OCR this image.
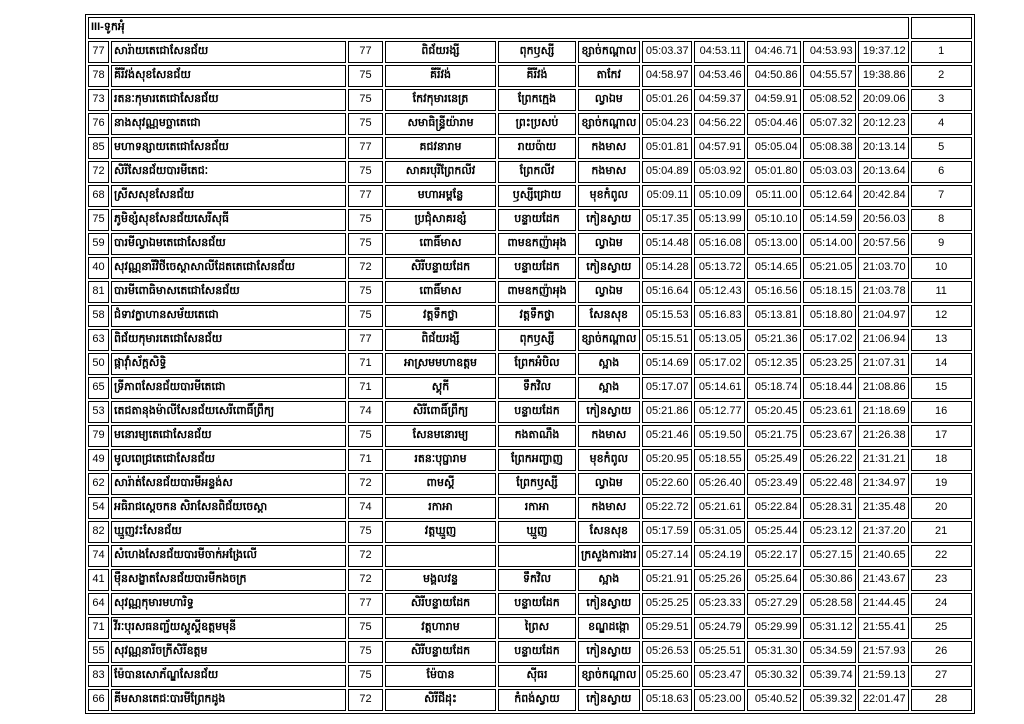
III-ទូកអុំ											
77	សារ៉ាយតេជោសែនជ័យ	77	ពិជ័យរង្សី	ពុកឫស្សី	ខ្សាច់កណ្តាល	05:03.37	04:53.11	04:46.71	04:53.93	19:37.12	1
78	គីរីវង់សុខសែនជ័យ	75	គីរីវង់	គីរីវង់	តាកែវ	04:58.97	04:53.46	04:50.86	04:55.57	19:38.86	2
73	រតនៈកុមារតេជោសែនជ័យ	75	កែវកុមារនេត្រ	ព្រែកក្មេង	ល្វាឯម	05:01.26	04:59.37	04:59.91	05:08.52	20:09.06	3
76	នាងសុវណ្ណមច្ឆាតេជោ	75	សមាធិន្ទ្រីយ៉ារាម	ព្រះប្រសប់	ខ្សាច់កណ្តាល	05:04.23	04:56.22	05:04.46	05:07.32	20:12.23	4
85	មហាទន្សាយតេជោសែនជ័យ	77	គជវនារាម	រាយប៉ាយ	កងមាស	05:01.81	04:57.91	05:05.04	05:08.38	20:13.14	5
72	សិរីសែនជ័យបារមីតេជៈ	75	សាគរបុរីព្រែកលីវ	ព្រែកលីវ	កងមាស	05:04.89	05:03.92	05:01.80	05:03.03	20:13.64	6
68	ស្រីសសុខសែនជ័យ	77	មហាអម្ពន្លែ	ឫស្សីជ្រោយ	មុខកំពូល	05:09.11	05:10.09	05:11.00	05:12.64	20:42.84	7
75	ភូមិខ្សំសុខសែនជ័យសេរីសុធី	75	ប្រជុំសាគរខ្សំ	បន្ទាយដែក	កៀនស្វាយ	05:17.35	05:13.99	05:10.10	05:14.59	20:56.03	8
59	បារមីល្វាឯមតេជោសែនជ័យ	75	ពោធិ៍មាស	ពាមឧកញ៉ាអុង	ល្វាឯម	05:14.48	05:16.08	05:13.00	05:14.00	20:57.56	9
40	សុវណ្ណនារីវិថីចេស្តាសាលីដែតតេជោសែនជ័យ	72	សិរីបន្ទាយដែក	បន្ទាយដែក	កៀនស្វាយ	05:14.28	05:13.72	05:14.65	05:21.05	21:03.70	10
81	បារមីពោធិមាសតេជោសែនជ័យ	75	ពោធិ៍មាស	ពាមឧកញ៉ាអុង	ល្វាឯម	05:16.64	05:12.43	05:16.56	05:18.15	21:03.78	11
58	ជំទាវក្លាហានសម័យតេជោ	75	វត្តទឹកថ្លា	វត្តទឹកថ្លា	សែនសុខ	05:15.53	05:16.83	05:13.81	05:18.80	21:04.97	12
63	ពិជ័យកុមារតេជោសែនជ័យ	77	ពិជ័យរង្សី	ពុកឫស្សី	ខ្សាច់កណ្តាល	05:15.51	05:13.05	05:21.36	05:17.02	21:06.94	13
50	ផ្កាវ៉ាំស័ក្តសិទ្ធិ	71	អាស្រមមហាឧត្តម	ព្រែកអំបិល	ស្អាង	05:14.69	05:17.02	05:12.35	05:23.25	21:07.31	14
65	ទ្រីភាពសែនជ័យបារមីតេជោ	71	ស្គុកី	ទឹកវិល	ស្អាង	05:17.07	05:14.61	05:18.74	05:18.44	21:08.86	15
53	តេជតានុងម៉ាលីសែនជ័យសេរីពោធិ៍ព្រឹក្យ	74	សិរីពោធិ៍ព្រឹក្យ	បន្ទាយដែក	កៀនស្វាយ	05:21.86	05:12.77	05:20.45	05:23.61	21:18.69	16
79	មនោរម្យតេជោសែនជ័យ	75	សែនមនោរម្យ	កងតាណឹង	កងមាស	05:21.46	05:19.50	05:21.75	05:23.67	21:26.38	17
49	មូលពេជ្រតេជោសែនជ័យ	71	រតនៈបុប្ផារាម	ព្រែកអញ្ចាញ	មុខកំពូល	05:20.95	05:18.55	05:25.49	05:26.22	21:31.21	18
62	សារ៉ាត់សែនជ័យបារមីអន្ទង់ស	72	ពាមស្គី	ព្រែកឫស្សី	ល្វាឯម	05:22.60	05:26.40	05:23.49	05:22.48	21:34.97	19
54	អធិរាជស្តេចកន សិរាសែនពិជ័យចេស្តា	74	រកាអា	រកាអា	កងមាស	05:22.72	05:21.61	05:22.84	05:28.31	21:35.48	20
82	ឃ្មួញវះសែនជ័យ	75	វត្តឃ្មួញ	ឃ្មួញ	សែនសុខ	05:17.59	05:31.05	05:25.44	05:23.12	21:37.20	21
74	សំហេងសែនជ័យបារមីចាក់អង្រែលើ	72			ក្រសួងការងារ	05:27.14	05:24.19	05:22.17	05:27.15	21:40.65	22
41	ម៉ឺនសង្ខាតសែនជ័យបារមីកងចក្រ	72	មង្គលវន្ទ	ទឹកវិល	ស្អាង	05:21.91	05:25.26	05:25.64	05:30.86	21:43.67	23
64	សុវណ្ណកុមារមហារិទ្ធ	77	សិរីបន្ទាយដែក	បន្ទាយដែក	កៀនស្វាយ	05:25.25	05:23.33	05:27.29	05:28.58	21:44.45	24
71	វីរៈបុរសធនញ្ជ័យស្គូស្គីឧត្តមមុនី	75	វត្តហារាម	ព្រៃស	ខណ្ឌដង្កោ	05:29.51	05:24.79	05:29.99	05:31.12	21:55.41	25
55	សុវណ្ណនារីចក្រីសិរីឧត្តម	75	សិរីបន្ទាយដែក	បន្ទាយដែក	កៀនស្វាយ	05:26.53	05:25.51	05:31.30	05:34.59	21:57.93	26
83	ម៉ែបានសោភ័ណ្ឌសែនជ័យ	75	ម៉ែបាន	ស៊ីធរ	ខ្សាច់កណ្តាល	05:25.60	05:23.47	05:30.32	05:39.74	21:59.13	27
66	គីមសានតេជៈបារមីព្រែកដូង	72	សិរីជីដុះ	កំពង់ស្វាយ	កៀនស្វាយ	05:18.63	05:23.00	05:40.52	05:39.32	22:01.47	28
